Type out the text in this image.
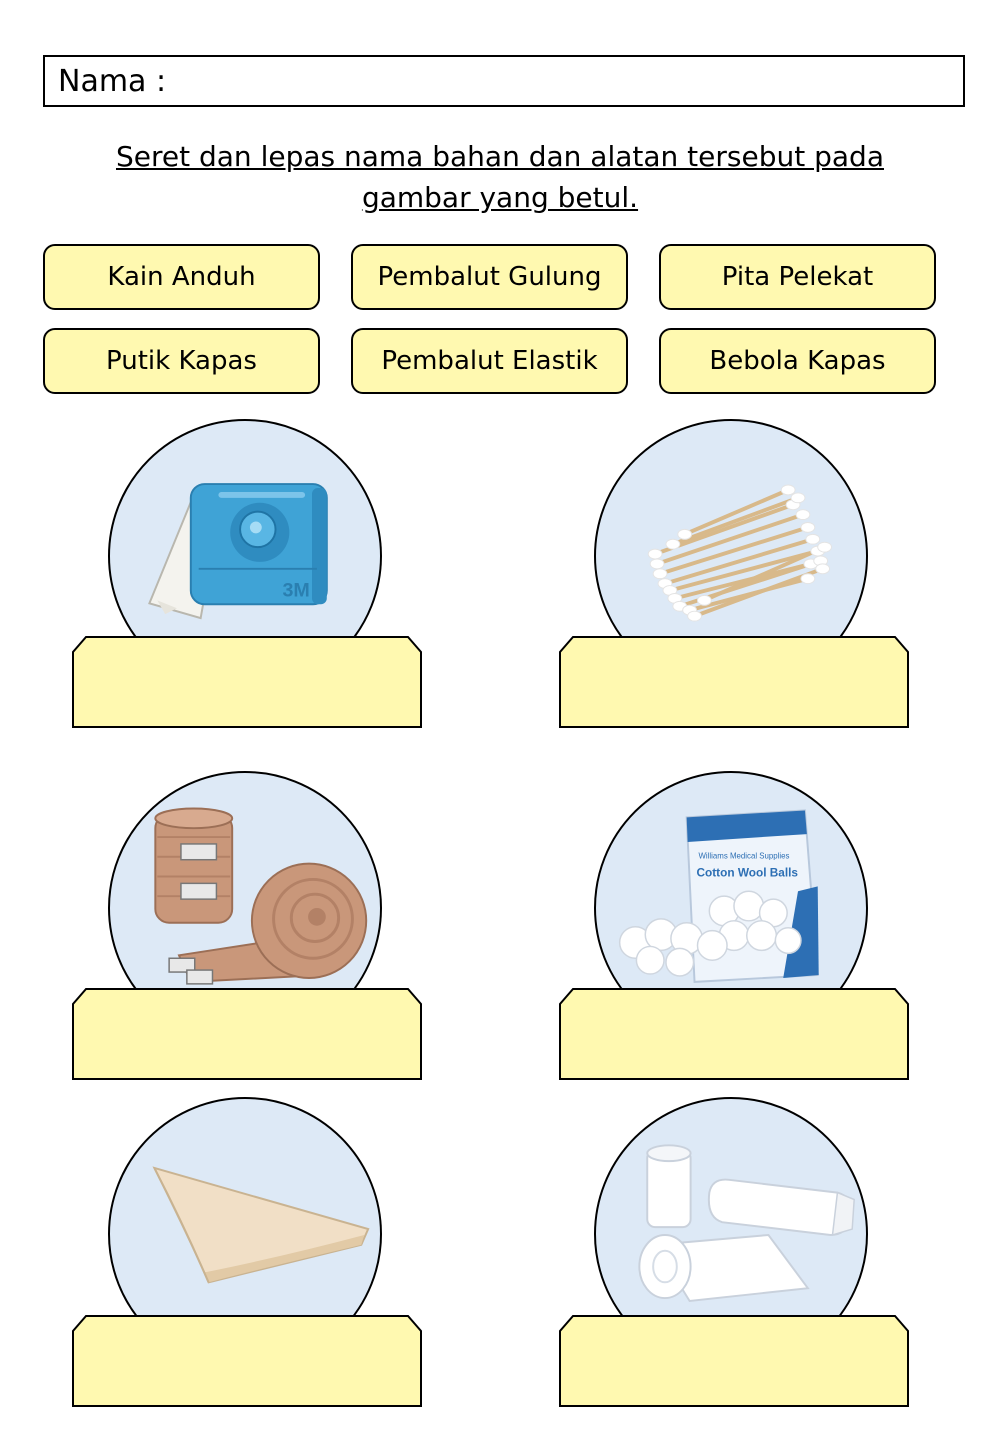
Nama :
Seret dan lepas nama bahan dan alatan tersebut pada gambar yang betul.
Kain Anduh	Pembalut Gulung	Pita Pelekat
Putik Kapas	Pembalut Elastik	Bebola Kapas
3M
Williams Medical Supplies
Cotton Wool Balls
